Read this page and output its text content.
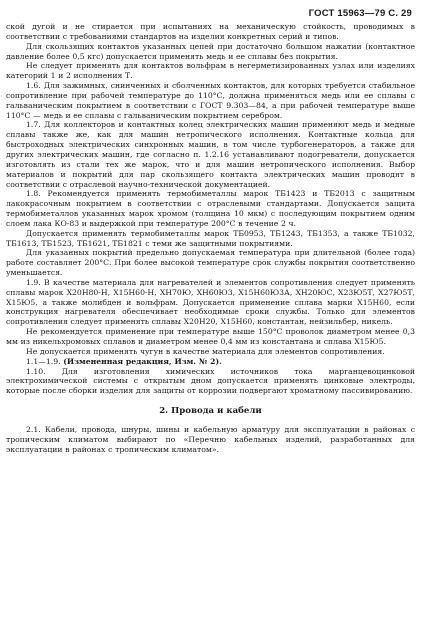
ГОСТ 15963—79 С. 29

ской дугой и не стирается при испытаниях на механическую стойкость, проводимых в соответствии с требованиями стандартов на изделия конкретных серий и типов.

Для скользящих контактов указанных цепей при достаточно большом нажатии (контактное давление более 0,5 кгс) допускается применять медь и ее сплавы без покрытия.

Не следует применять для контактов вольфрам в негерметизированных узлах или изделиях категорий 1 и 2 исполнения Т.

1.6. Для зажимных, снинченных и сболченных контактов, для которых требуется стабильное сопротивление при рабочей температуре до 110°С, должна применяться медь или ее сплавы с гальваническим покрытием в соответствии с ГОСТ 9.303—84, а при рабочей температуре выше 110°С — медь и ее сплавы с гальваническим покрытием серебром.

1.7. Для коллекторов и контактных колец электрических машин применяют медь и медные сплавы также же, как для машин нетропического исполнения. Контактные кольца для быстроходных электрических синхронных машин, в том числе турбогенераторов, а также для других электрических машин, где согласно п. 1.2.16 устанавливают подогреватели, допускается изготовлять из стали тех же марок, что и для машин нетропического исполнения. Выбор материалов и покрытий для пар скользящего контакта электрических машин проводят в соответствии с отраслевой научно-технической документацией.

1.8. Рекомендуется применять термобиметаллы марок ТБ1423 и ТБ2013 с защитным лакокрасочным покрытием в соответствии с отраслевыми стандартами. Допускается защита термобиметаллов указанных марок хромом (толщина 10 мкм) с последующим покрытием одним слоем лака КО-83 и выдержкой при температуре 200°С в течение 2 ч.

Допускается применять термобиметаллы марок ТБ0953, ТБ1243, ТБ1353, а также ТБ1032, ТБ1613, ТБ1523, ТБ1621, ТБ1821 с теми же защитными покрытиями.

Для указанных покрытий предельно допускаемая температура при длительной (более года) работе составляет 200°С. При более высокой температуре срок службы покрытия соответственно уменьшается.

1.9. В качестве материала для нагревателей и элементов сопротивления следует применять сплавы марок Х20Н80-Н, Х15Н60-Н, ХН70Ю, ХН60Ю3, Х15Н60Ю3А, ХН20ЮС, Х23Ю5Т, Х27Ю5Т, Х15Ю5, а также молибден и вольфрам. Допускается применение сплава марки Х15Н60, если конструкция нагревателя обеспечивает необходимые сроки службы. Только для элементов сопротивления следует применять сплавы Х20Н20, Х15Н60, константан, нейзильбер, никель.

Не рекомендуется применение при температуре выше 150°С проволок диаметром менее 0,3 мм из никельхромовых сплавов и диаметром менее 0,4 мм из константана и сплава Х15Ю5.

Не допускается применять чугун в качестве материала для элементов сопротивления.

1.1—1.9. (Измененная редакция, Изм. № 2).

1.10. Для изготовления химических источников тока марганцевоцинковой электрохимической системы с открытым дном допускается применять цинковые электроды, которые после сборки изделия для защиты от коррозии подвергают хроматному пассивированию.

2. Провода и кабели

2.1. Кабели, провода, шнуры, шины и кабельную арматуру для эксплуатации в районах с тропическим климатом выбирают по «Перечню кабельных изделий, разработанных для эксплуатации в районах с тропическим климатом».
